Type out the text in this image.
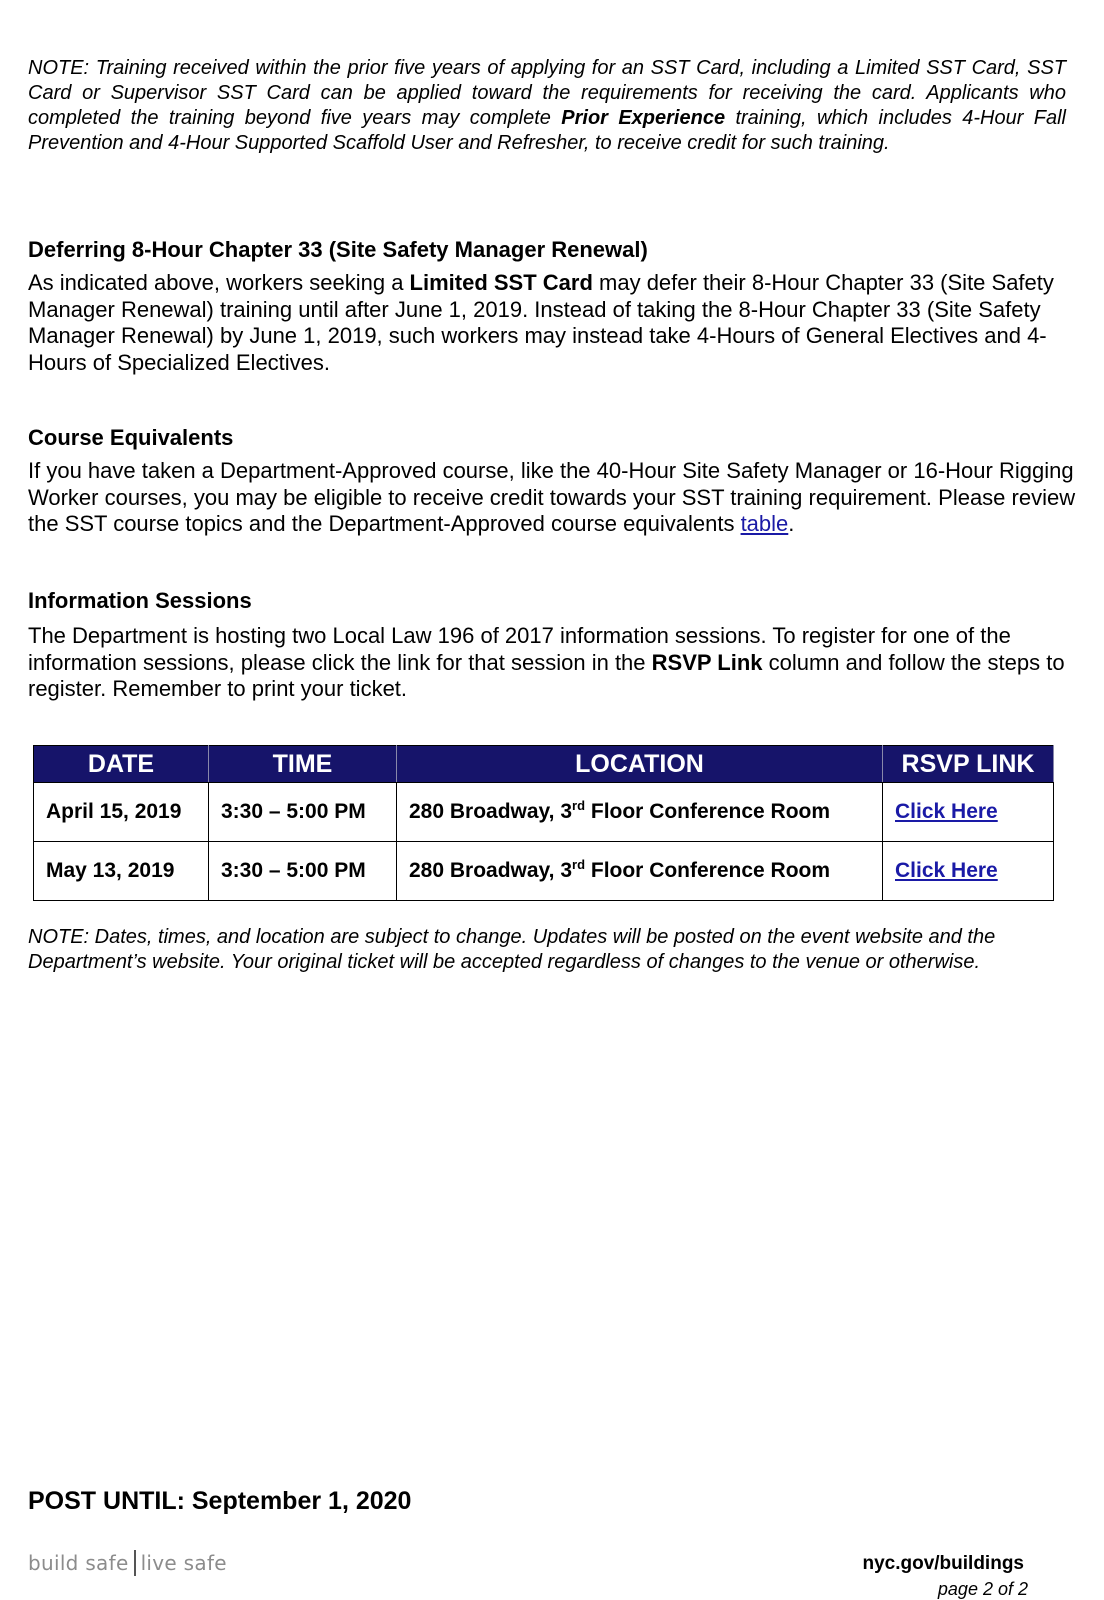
NOTE: Training received within the prior five years of applying for an SST Card, including a Limited SST Card, SST Card or Supervisor SST Card can be applied toward the requirements for receiving the card. Applicants who completed the training beyond five years may complete Prior Experience training, which includes 4-Hour Fall Prevention and 4-Hour Supported Scaffold User and Refresher, to receive credit for such training.

Deferring 8-Hour Chapter 33 (Site Safety Manager Renewal)

As indicated above, workers seeking a Limited SST Card may defer their 8-Hour Chapter 33 (Site Safety Manager Renewal) training until after June 1, 2019. Instead of taking the 8-Hour Chapter 33 (Site Safety Manager Renewal) by June 1, 2019, such workers may instead take 4-Hours of General Electives and 4-Hours of Specialized Electives.

Course Equivalents

If you have taken a Department-Approved course, like the 40-Hour Site Safety Manager or 16-Hour Rigging Worker courses, you may be eligible to receive credit towards your SST training requirement. Please review the SST course topics and the Department-Approved course equivalents table.

Information Sessions

The Department is hosting two Local Law 196 of 2017 information sessions. To register for one of the information sessions, please click the link for that session in the RSVP Link column and follow the steps to register. Remember to print your ticket.

DATE	TIME	LOCATION	RSVP LINK
April 15, 2019	3:30 – 5:00 PM	280 Broadway, 3rd Floor Conference Room	Click Here
May 13, 2019	3:30 – 5:00 PM	280 Broadway, 3rd Floor Conference Room	Click Here

NOTE: Dates, times, and location are subject to change. Updates will be posted on the event website and the Department’s website. Your original ticket will be accepted regardless of changes to the venue or otherwise.

POST UNTIL: September 1, 2020

build safe live safe	nyc.gov/buildings
page 2 of 2
